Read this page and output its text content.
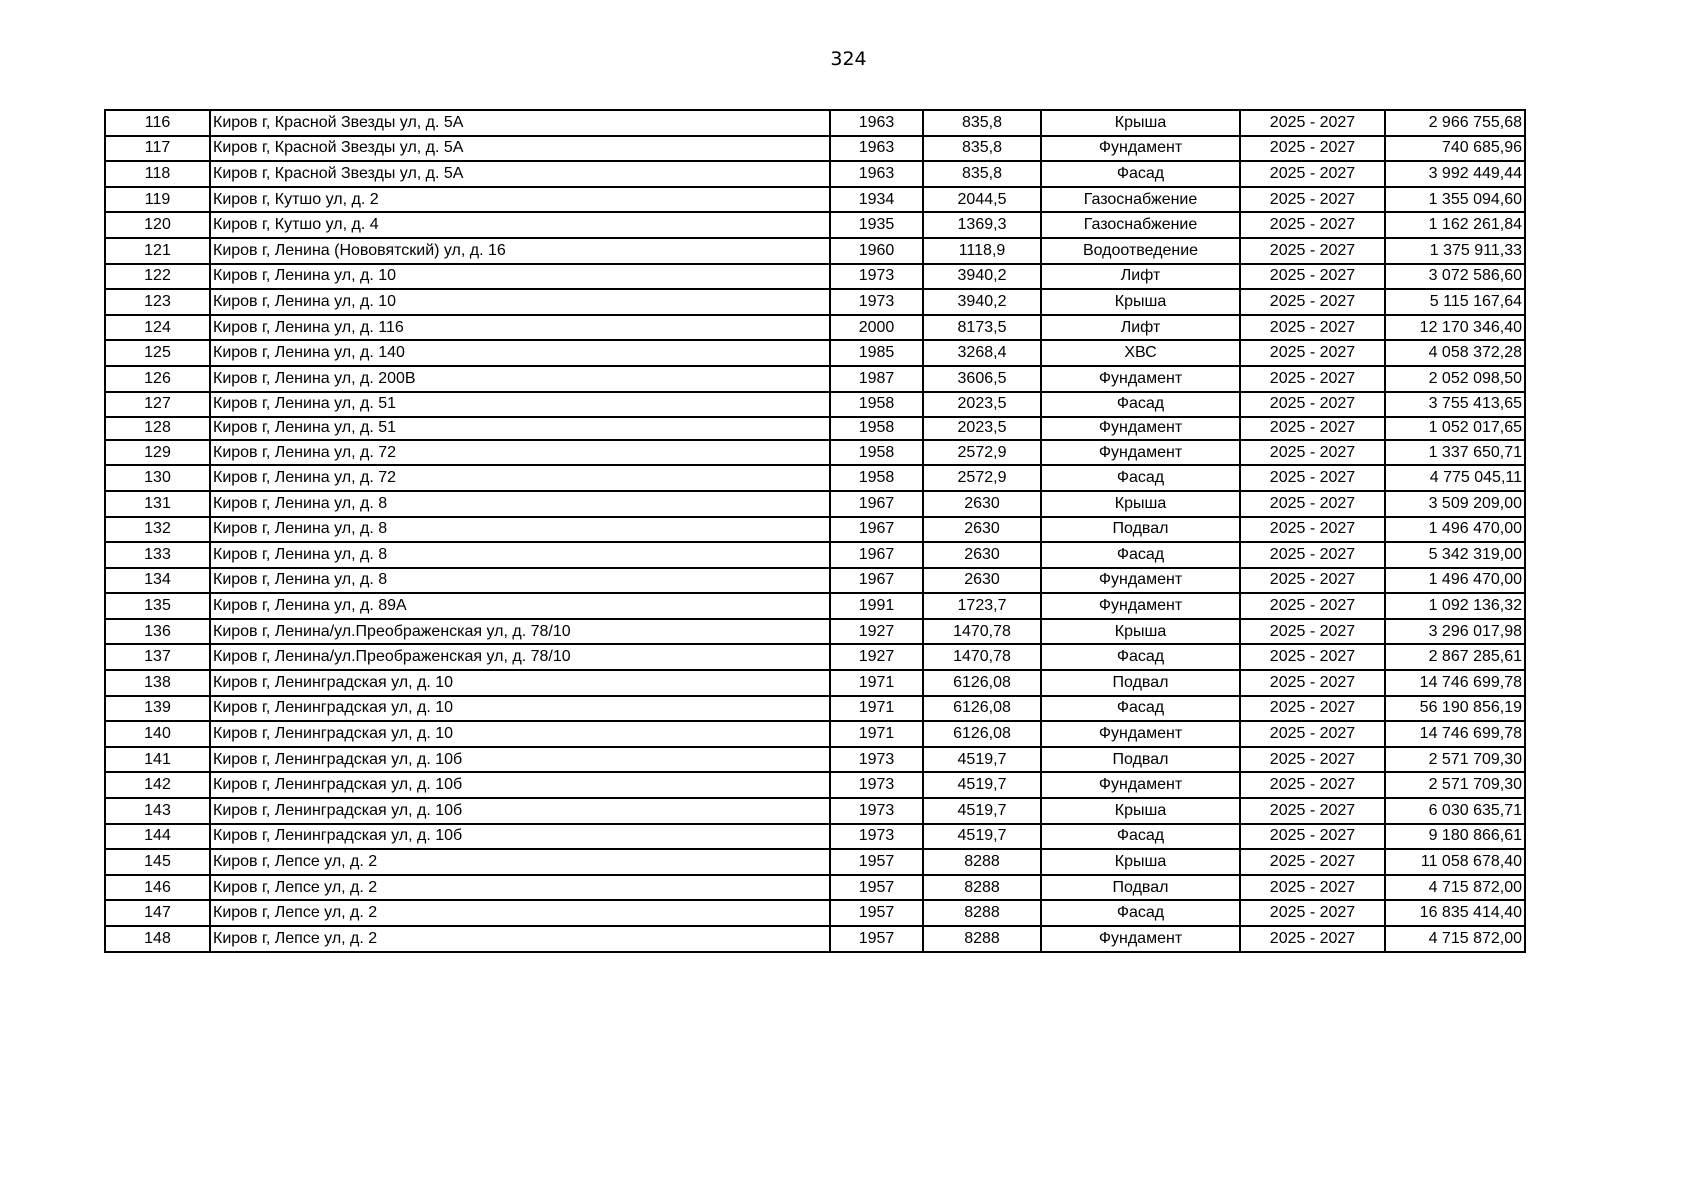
324
116	Киров г, Красной Звезды ул, д. 5А	1963	835,8	Крыша	2025 - 2027	2 966 755,68
117	Киров г, Красной Звезды ул, д. 5А	1963	835,8	Фундамент	2025 - 2027	740 685,96
118	Киров г, Красной Звезды ул, д. 5А	1963	835,8	Фасад	2025 - 2027	3 992 449,44
119	Киров г, Кутшо ул, д. 2	1934	2044,5	Газоснабжение	2025 - 2027	1 355 094,60
120	Киров г, Кутшо ул, д. 4	1935	1369,3	Газоснабжение	2025 - 2027	1 162 261,84
121	Киров г, Ленина (Нововятский) ул, д. 16	1960	1118,9	Водоотведение	2025 - 2027	1 375 911,33
122	Киров г, Ленина ул, д. 10	1973	3940,2	Лифт	2025 - 2027	3 072 586,60
123	Киров г, Ленина ул, д. 10	1973	3940,2	Крыша	2025 - 2027	5 115 167,64
124	Киров г, Ленина ул, д. 116	2000	8173,5	Лифт	2025 - 2027	12 170 346,40
125	Киров г, Ленина ул, д. 140	1985	3268,4	ХВС	2025 - 2027	4 058 372,28
126	Киров г, Ленина ул, д. 200В	1987	3606,5	Фундамент	2025 - 2027	2 052 098,50
127	Киров г, Ленина ул, д. 51	1958	2023,5	Фасад	2025 - 2027	3 755 413,65
128	Киров г, Ленина ул, д. 51	1958	2023,5	Фундамент	2025 - 2027	1 052 017,65
129	Киров г, Ленина ул, д. 72	1958	2572,9	Фундамент	2025 - 2027	1 337 650,71
130	Киров г, Ленина ул, д. 72	1958	2572,9	Фасад	2025 - 2027	4 775 045,11
131	Киров г, Ленина ул, д. 8	1967	2630	Крыша	2025 - 2027	3 509 209,00
132	Киров г, Ленина ул, д. 8	1967	2630	Подвал	2025 - 2027	1 496 470,00
133	Киров г, Ленина ул, д. 8	1967	2630	Фасад	2025 - 2027	5 342 319,00
134	Киров г, Ленина ул, д. 8	1967	2630	Фундамент	2025 - 2027	1 496 470,00
135	Киров г, Ленина ул, д. 89А	1991	1723,7	Фундамент	2025 - 2027	1 092 136,32
136	Киров г, Ленина/ул.Преображенская ул, д. 78/10	1927	1470,78	Крыша	2025 - 2027	3 296 017,98
137	Киров г, Ленина/ул.Преображенская ул, д. 78/10	1927	1470,78	Фасад	2025 - 2027	2 867 285,61
138	Киров г, Ленинградская ул, д. 10	1971	6126,08	Подвал	2025 - 2027	14 746 699,78
139	Киров г, Ленинградская ул, д. 10	1971	6126,08	Фасад	2025 - 2027	56 190 856,19
140	Киров г, Ленинградская ул, д. 10	1971	6126,08	Фундамент	2025 - 2027	14 746 699,78
141	Киров г, Ленинградская ул, д. 10б	1973	4519,7	Подвал	2025 - 2027	2 571 709,30
142	Киров г, Ленинградская ул, д. 10б	1973	4519,7	Фундамент	2025 - 2027	2 571 709,30
143	Киров г, Ленинградская ул, д. 10б	1973	4519,7	Крыша	2025 - 2027	6 030 635,71
144	Киров г, Ленинградская ул, д. 10б	1973	4519,7	Фасад	2025 - 2027	9 180 866,61
145	Киров г, Лепсе ул, д. 2	1957	8288	Крыша	2025 - 2027	11 058 678,40
146	Киров г, Лепсе ул, д. 2	1957	8288	Подвал	2025 - 2027	4 715 872,00
147	Киров г, Лепсе ул, д. 2	1957	8288	Фасад	2025 - 2027	16 835 414,40
148	Киров г, Лепсе ул, д. 2	1957	8288	Фундамент	2025 - 2027	4 715 872,00
